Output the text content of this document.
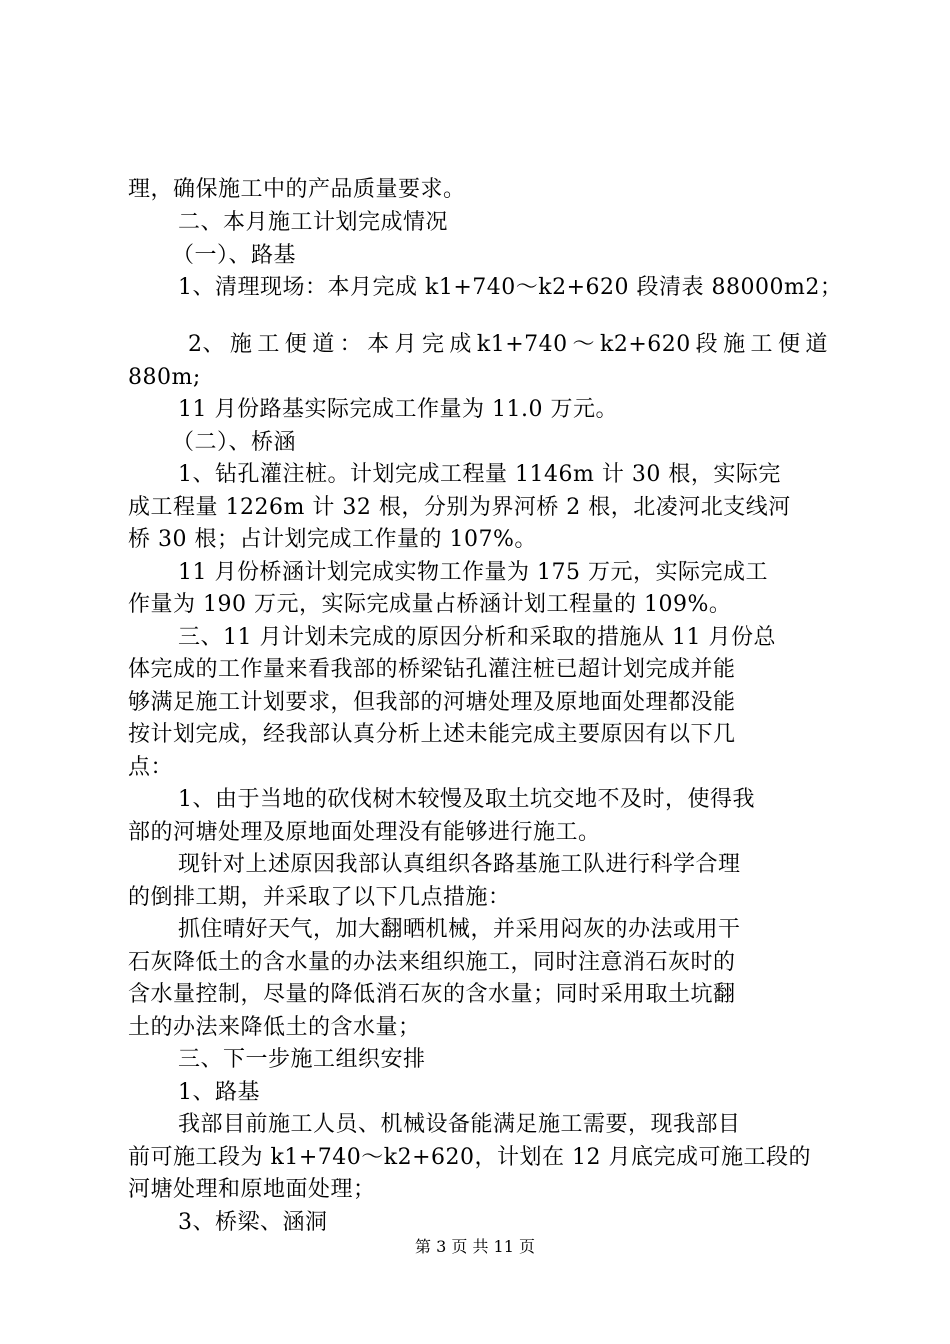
理，确保施工中的产品质量要求。
二、本月施工计划完成情况
（一）、路基
1、清理现场：本月完成 k1+740～k2+620 段清表 88000m2；
2、 施 工 便 道 ： 本 月 完 成 k1+740 ～ k2+620 段 施 工 便 道
880m;
11 月份路基实际完成工作量为 11.0 万元。
（二）、桥涵
1、钻孔灌注桩。计划完成工程量 1146m 计 30 根，实际完
成工程量 1226m 计 32 根，分别为界河桥 2 根，北凌河北支线河
桥 30 根；占计划完成工作量的 107%。
11 月份桥涵计划完成实物工作量为 175 万元，实际完成工
作量为 190 万元，实际完成量占桥涵计划工程量的 109%。
三、11 月计划未完成的原因分析和采取的措施从 11 月份总
体完成的工作量来看我部的桥梁钻孔灌注桩已超计划完成并能
够满足施工计划要求，但我部的河塘处理及原地面处理都没能
按计划完成，经我部认真分析上述未能完成主要原因有以下几
点：
1、由于当地的砍伐树木较慢及取土坑交地不及时，使得我
部的河塘处理及原地面处理没有能够进行施工。
现针对上述原因我部认真组织各路基施工队进行科学合理
的倒排工期，并采取了以下几点措施：
抓住晴好天气，加大翻晒机械，并采用闷灰的办法或用干
石灰降低土的含水量的办法来组织施工，同时注意消石灰时的
含水量控制，尽量的降低消石灰的含水量；同时采用取土坑翻
土的办法来降低土的含水量；
三、下一步施工组织安排
1、路基
我部目前施工人员、机械设备能满足施工需要，现我部目
前可施工段为 k1+740～k2+620，计划在 12 月底完成可施工段的
河塘处理和原地面处理；
3、桥梁、涵洞
第 3 页 共 11 页
